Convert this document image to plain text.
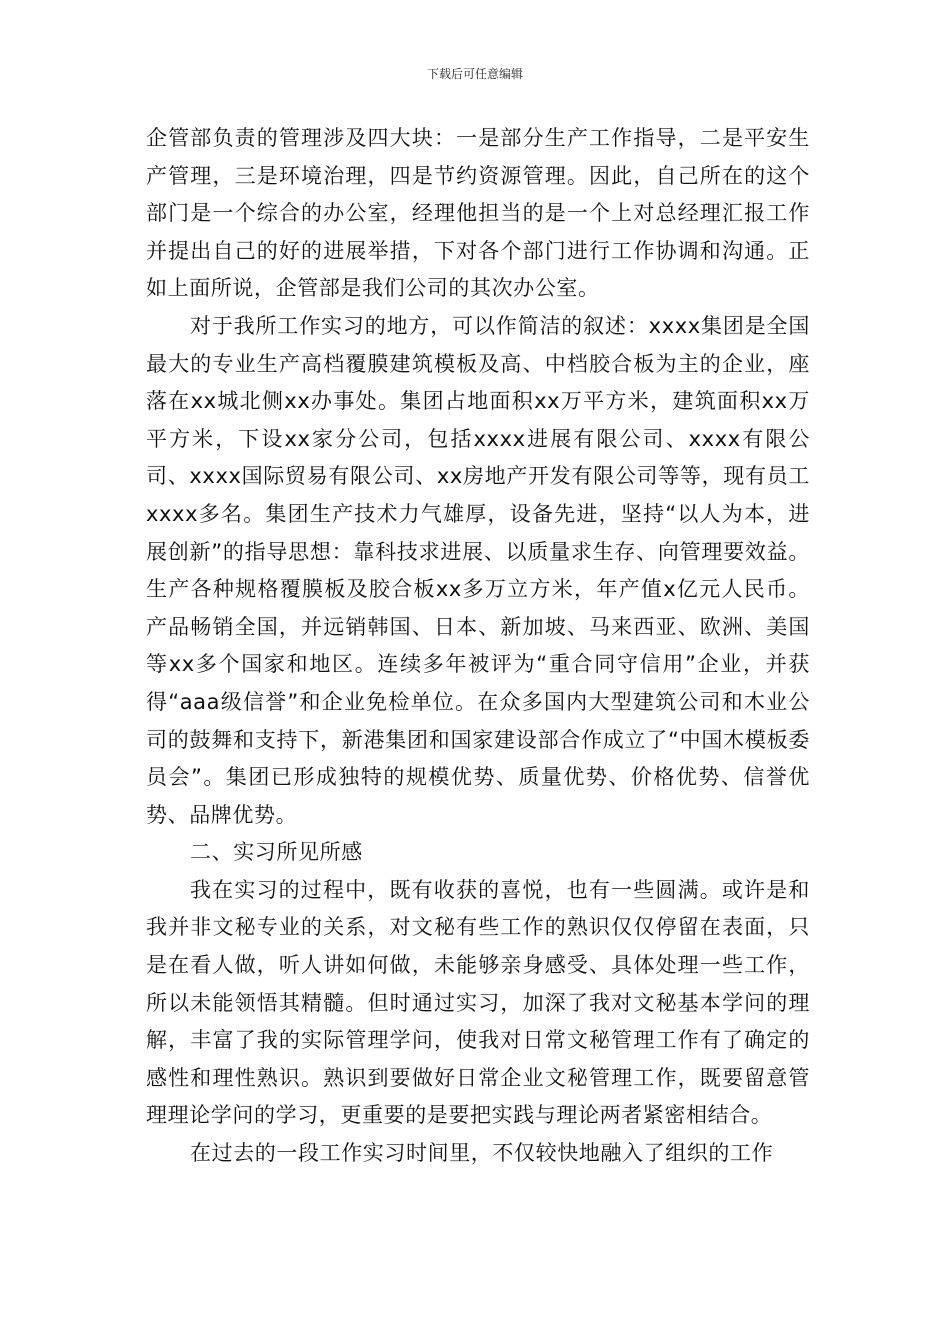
下载后可任意编辑

企管部负责的管理涉及四大块：一是部分生产工作指导，二是平安生产管理，三是环境治理，四是节约资源管理。因此，自己所在的这个部门是一个综合的办公室，经理他担当的是一个上对总经理汇报工作并提出自己的好的进展举措，下对各个部门进行工作协调和沟通。正如上面所说，企管部是我们公司的其次办公室。

对于我所工作实习的地方，可以作简洁的叙述：xxxx集团是全国最大的专业生产高档覆膜建筑模板及高、中档胶合板为主的企业，座落在xx城北侧xx办事处。集团占地面积xx万平方米，建筑面积xx万平方米，下设xx家分公司，包括xxxx进展有限公司、xxxx有限公司、xxxx国际贸易有限公司、xx房地产开发有限公司等等，现有员工xxxx多名。集团生产技术力气雄厚，设备先进，坚持“以人为本，进展创新”的指导思想：靠科技求进展、以质量求生存、向管理要效益。生产各种规格覆膜板及胶合板xx多万立方米，年产值x亿元人民币。产品畅销全国，并远销韩国、日本、新加坡、马来西亚、欧洲、美国等xx多个国家和地区。连续多年被评为“重合同守信用”企业，并获得“aaa级信誉”和企业免检单位。在众多国内大型建筑公司和木业公司的鼓舞和支持下，新港集团和国家建设部合作成立了“中国木模板委员会”。集团已形成独特的规模优势、质量优势、价格优势、信誉优势、品牌优势。

二、实习所见所感

我在实习的过程中，既有收获的喜悦，也有一些圆满。或许是和我并非文秘专业的关系，对文秘有些工作的熟识仅仅停留在表面，只是在看人做，听人讲如何做，未能够亲身感受、具体处理一些工作，所以未能领悟其精髓。但时通过实习，加深了我对文秘基本学问的理解，丰富了我的实际管理学问，使我对日常文秘管理工作有了确定的感性和理性熟识。熟识到要做好日常企业文秘管理工作，既要留意管理理论学问的学习，更重要的是要把实践与理论两者紧密相结合。

在过去的一段工作实习时间里，不仅较快地融入了组织的工作
